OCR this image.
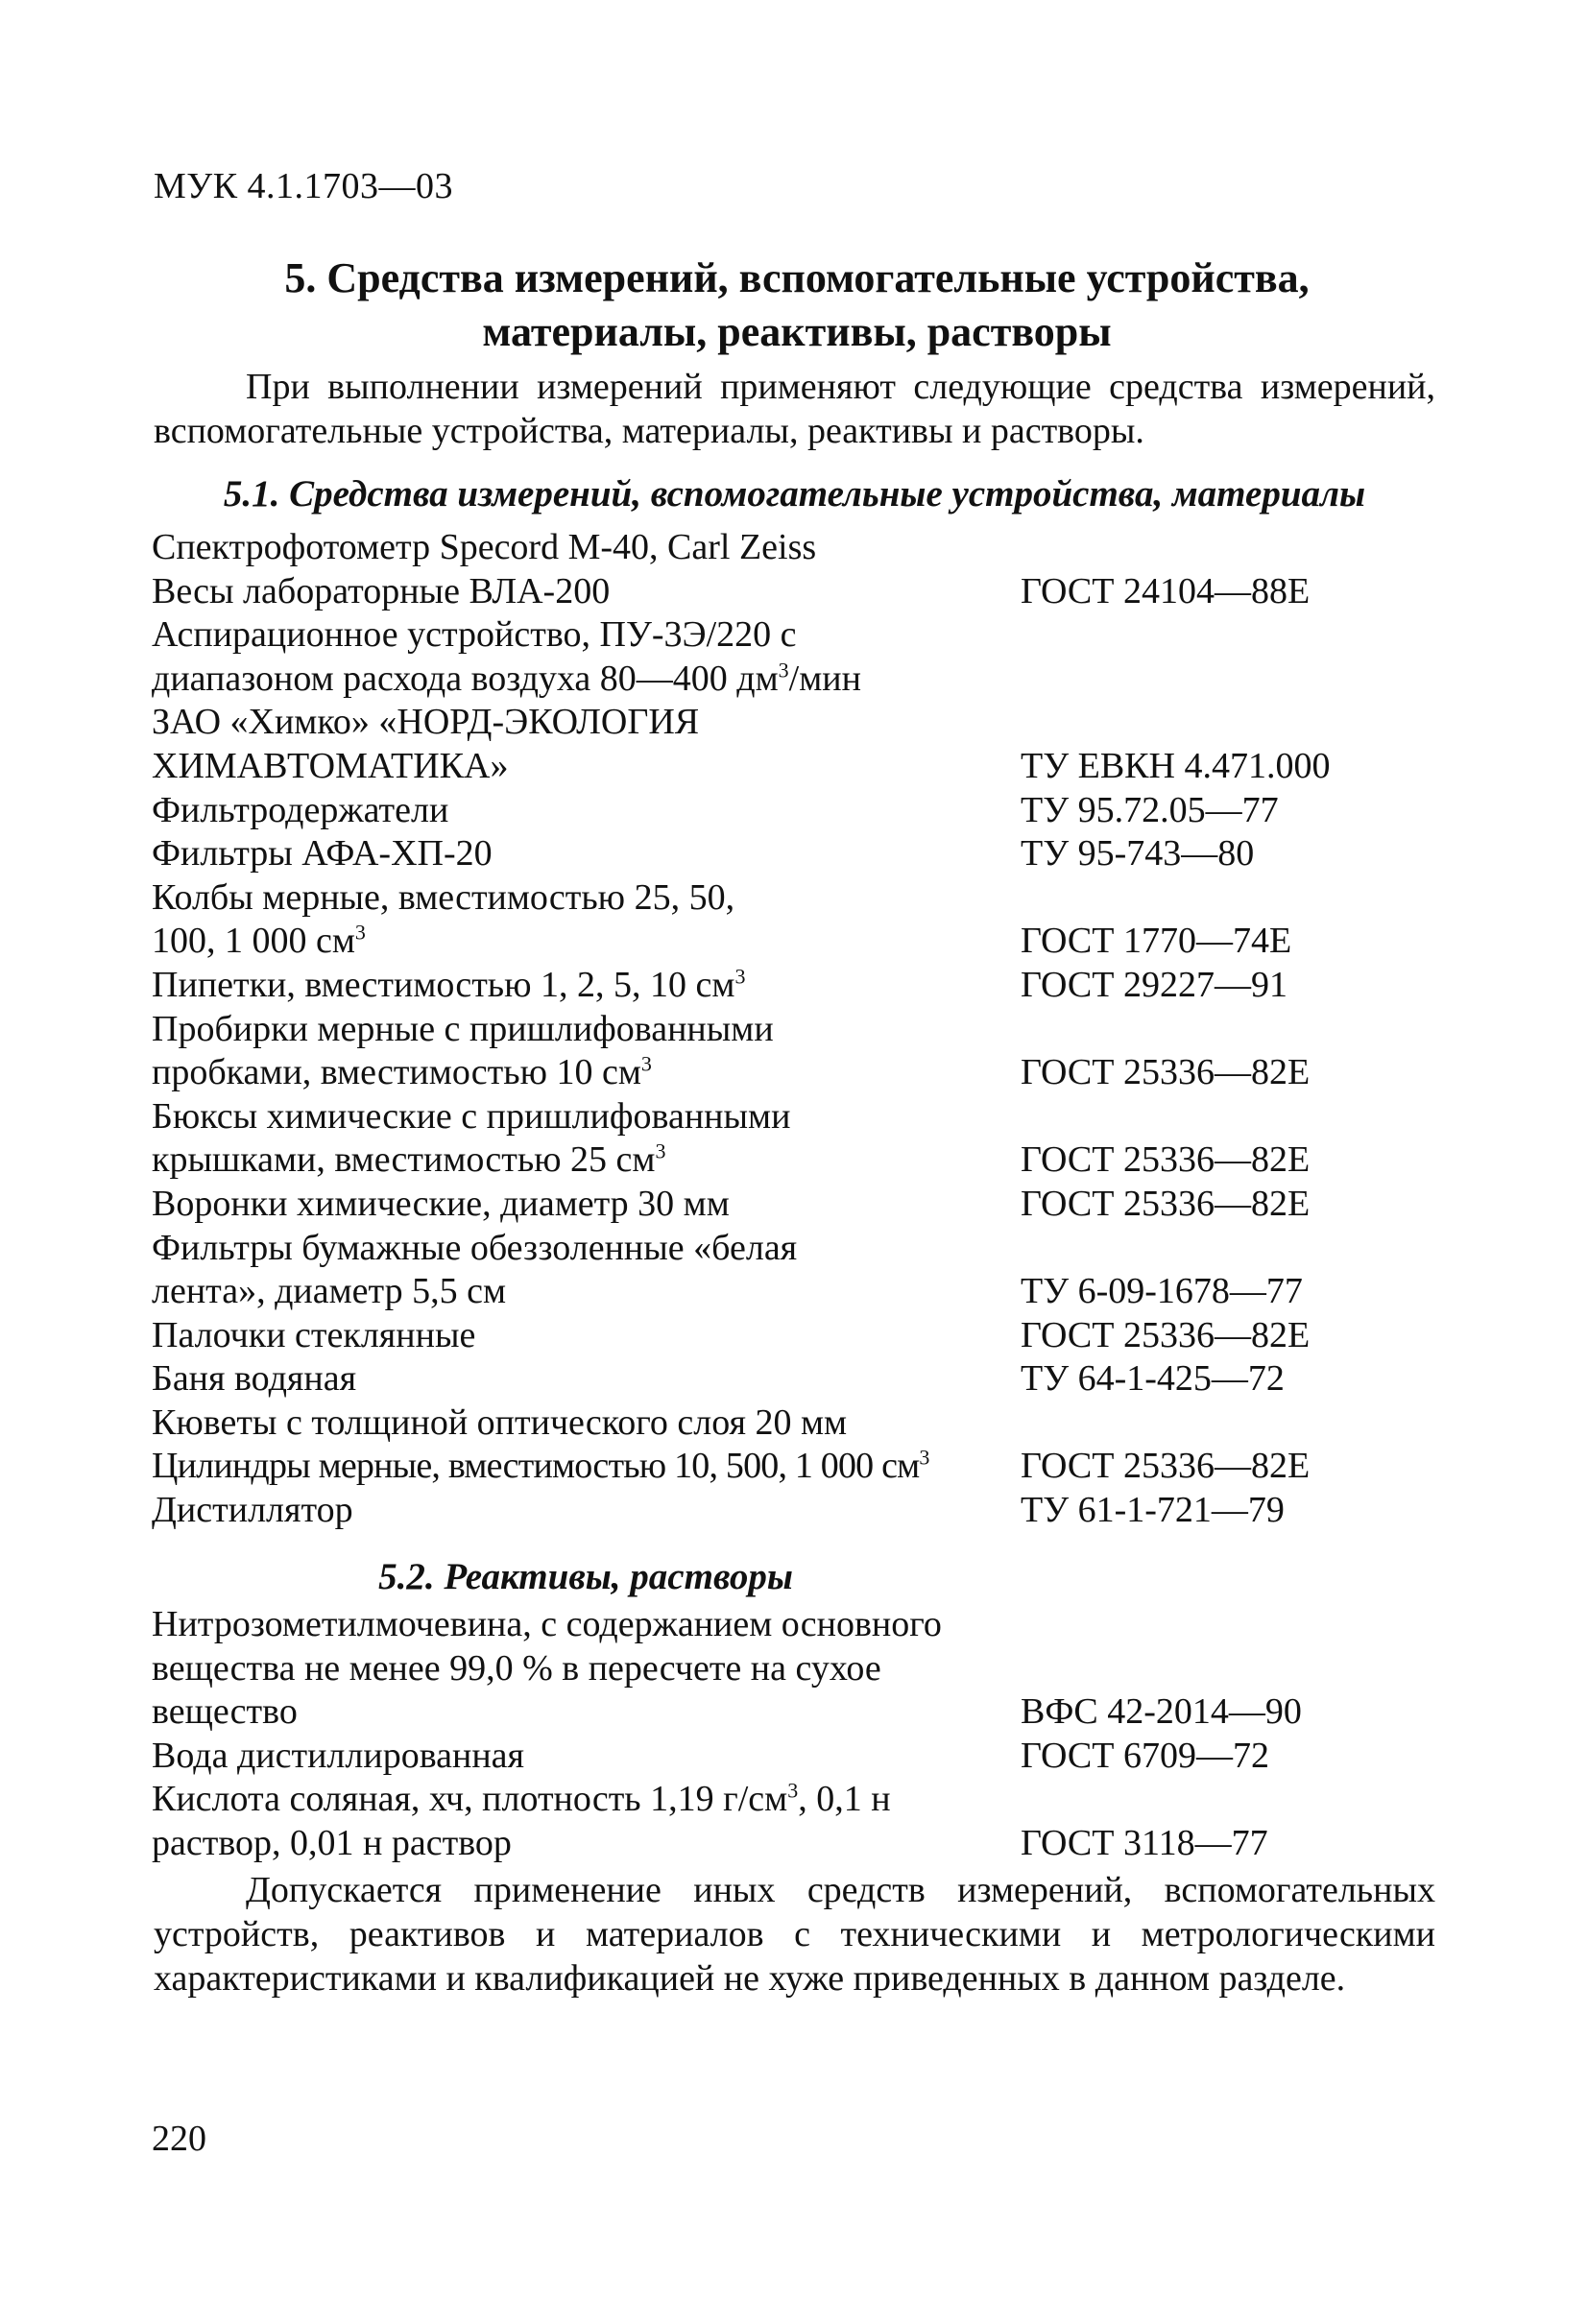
МУК 4.1.1703—03
5. Средства измерений, вспомогательные устройства,
материалы, реактивы, растворы
При выполнении измерений применяют следующие средства измерений, вспомогательные устройства, материалы, реактивы и растворы.
5.1. Средства измерений, вспомогательные устройства, материалы
Спектрофотометр Specord M-40, Carl Zeiss
Весы лабораторные ВЛА-200	ГОСТ 24104—88Е
Аспирационное устройство, ПУ-3Э/220 с
диапазоном расхода воздуха 80—400 $дм^3$/мин
ЗАО «Химко» «НОРД-ЭКОЛОГИЯ
ХИМАВТОМАТИКА»	ТУ ЕВКН 4.471.000
Фильтродержатели	ТУ 95.72.05—77
Фильтры АФА-ХП-20	ТУ 95-743—80
Колбы мерные, вместимостью 25, 50,
100, 1 000 $см^3$	ГОСТ 1770—74Е
Пипетки, вместимостью 1, 2, 5, 10 $см^3$	ГОСТ 29227—91
Пробирки мерные с пришлифованными
пробками, вместимостью 10 $см^3$	ГОСТ 25336—82Е
Бюксы химические с пришлифованными
крышками, вместимостью 25 $см^3$	ГОСТ 25336—82Е
Воронки химические, диаметр 30 мм	ГОСТ 25336—82Е
Фильтры бумажные обеззоленные «белая
лента», диаметр 5,5 см	ТУ 6-09-1678—77
Палочки стеклянные	ГОСТ 25336—82Е
Баня водяная	ТУ 64-1-425—72
Кюветы с толщиной оптического слоя 20 мм
Цилиндры мерные, вместимостью 10, 500, 1 000 $см^3$	ГОСТ 25336—82Е
Дистиллятор	ТУ 61-1-721—79
5.2. Реактивы, растворы
Нитрозометилмочевина, с содержанием основного вещества не менее 99,0 % в пересчете на сухое
вещество	ВФС 42-2014—90
Вода дистиллированная	ГОСТ 6709—72
Кислота соляная, хч, плотность 1,19 $г/см^3$, 0,1 н
раствор, 0,01 н раствор	ГОСТ 3118—77
Допускается применение иных средств измерений, вспомогательных устройств, реактивов и материалов с техническими и метрологическими характеристиками и квалификацией не хуже приведенных в данном разделе.
220
